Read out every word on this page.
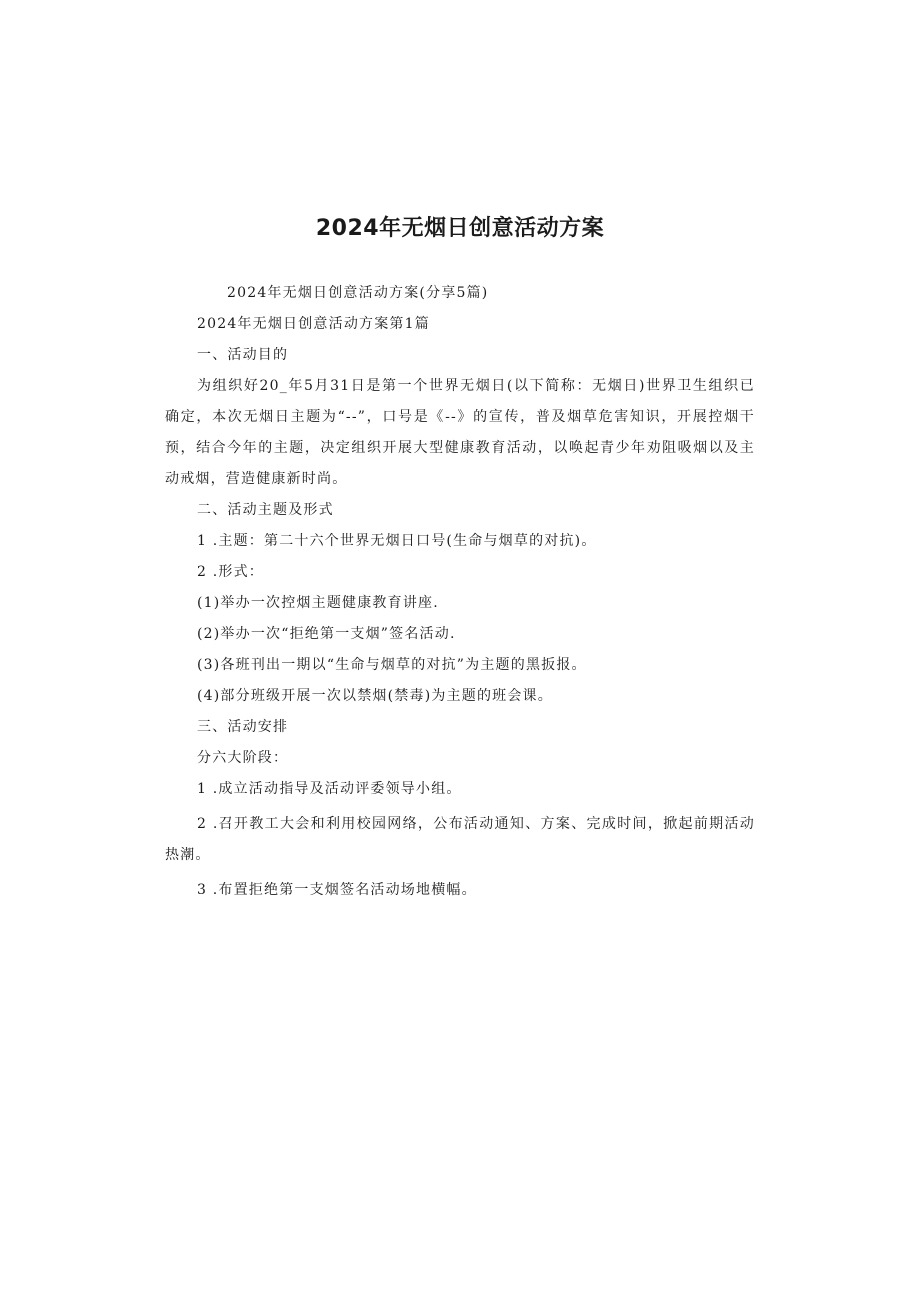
2024年无烟日创意活动方案

2024年无烟日创意活动方案(分享5篇)

2024年无烟日创意活动方案第1篇

一、活动目的

为组织好20_年5月31日是第一个世界无烟日(以下简称：无烟日)世界卫生组织已确定，本次无烟日主题为“--”，口号是《--》的宣传，普及烟草危害知识，开展控烟干预，结合今年的主题，决定组织开展大型健康教育活动，以唤起青少年劝阻吸烟以及主动戒烟，营造健康新时尚。

二、活动主题及形式

1 .主题：第二十六个世界无烟日口号(生命与烟草的对抗)。

2 .形式：

(1)举办一次控烟主题健康教育讲座.

(2)举办一次“拒绝第一支烟”签名活动.

(3)各班刊出一期以“生命与烟草的对抗”为主题的黑扳报。

(4)部分班级开展一次以禁烟(禁毒)为主题的班会课。

三、活动安排

分六大阶段：

1 .成立活动指导及活动评委领导小组。

2 .召开教工大会和利用校园网络，公布活动通知、方案、完成时间，掀起前期活动热潮。

3 .布置拒绝第一支烟签名活动场地横幅。
